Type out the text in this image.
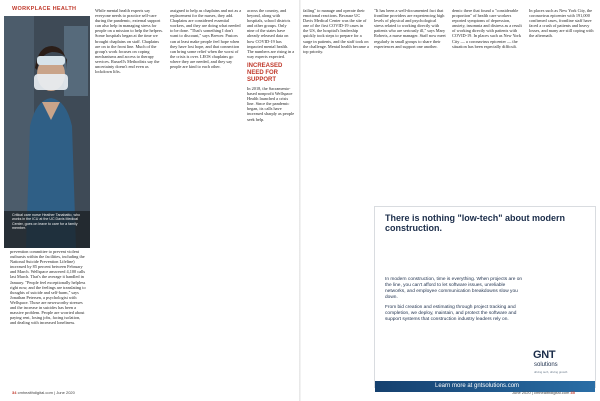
WORKPLACE HEALTH
Critical care nurse Heather Tanabatto, who works in the ICU at the UC Davis Medical Center, goes on leave to care for a family member.

prevention committee to prevent violent outbursts within the facilities, including the National Suicide Prevention Lifeline) increased by 85 percent between February and March. Wellspace answered 4,100 calls last March. That's the average it handled in January. "People feel exceptionally helpless right now, and the feelings are translating to thoughts of suicide and self-harm," says Jonathan Petersen, a psychologist with Wellspace. Those are newsworthy stresses and the increase in suicides has been a massive problem. People are worried about paying rent, losing jobs, facing isolation, and dealing with increased loneliness.

While mental health experts say everyone needs to practice self-care during the pandemic, external support can also help in managing stress for people on a mission to help the helpers. Some hospitals began at the time we brought chaplains on staff. Chaplains are on to the front line. Much of the group's work focuses on coping mechanisms and access to therapy services. Russell's Methodists say the uncertainty doesn't end even as lockdown lifts.

assigned to help as chaplains and not as a replacement for the nurses, they add. Chaplains are considered essential workers, and they are doing what needed to be done. "That's something I don't want to discount," says Brewer. Pastors can at least make people feel hope when they have lost hope, and that connection can bring some relief when the worst of the crisis is over. LEOS chaplains go where they are needed, and they say people are kind to each other.

across the country, and beyond, along with hospitals, school districts and other groups. Only nine of the states have already released data on how COVID-19 has impacted mental health. The numbers are rising in a way experts expected.

INCREASED NEED FOR SUPPORT

In 2018, the Sacramento-based nonprofit Wellspace Health launched a crisis line. Since the pandemic began, its calls have increased sharply as people seek help.

failing" to manage and operate their emotional reactions. Because UC Davis Medical Center was the site of one of the first COVID-19 cases in the US, the hospital's leadership quickly took steps to prepare for a surge in patients, and the staff took on the challenge. Mental health became a top priority.

"It has been a well-documented fact that frontline providers are experiencing high levels of physical and psychological stress related to working directly with patients who are seriously ill," says Mary Roberts, a nurse manager. Staff now meet regularly in small groups to share their experiences and support one another.

demic there that found a "considerable proportion" of health care workers reported symptoms of depression, anxiety, insomnia and distress as a result of working directly with patients with COVID-19. In places such as New York City — a coronavirus epicenter — the situation has been especially difficult.

In places such as New York City, the coronavirus epicenter with 191,000 confirmed cases, frontline staff have faced a crush of patients and heavy losses, and many are still coping with the aftermath.

There is nothing "low-tech" about modern construction.

In modern construction, time is everything. When projects are on the line, you can't afford to let software issues, unreliable networks, and employee communication breakdowns slow you down.

From bid creation and estimating through project tracking and completion, we deploy, maintain, and protect the software and support systems that construction industry leaders rely on.

GNT
solutions
driving tech, driving growth
Learn more at gntsolutions.com
34 cmhealthdigital.com | June 2020	June 2020 | cmhealthdigital.com 35
